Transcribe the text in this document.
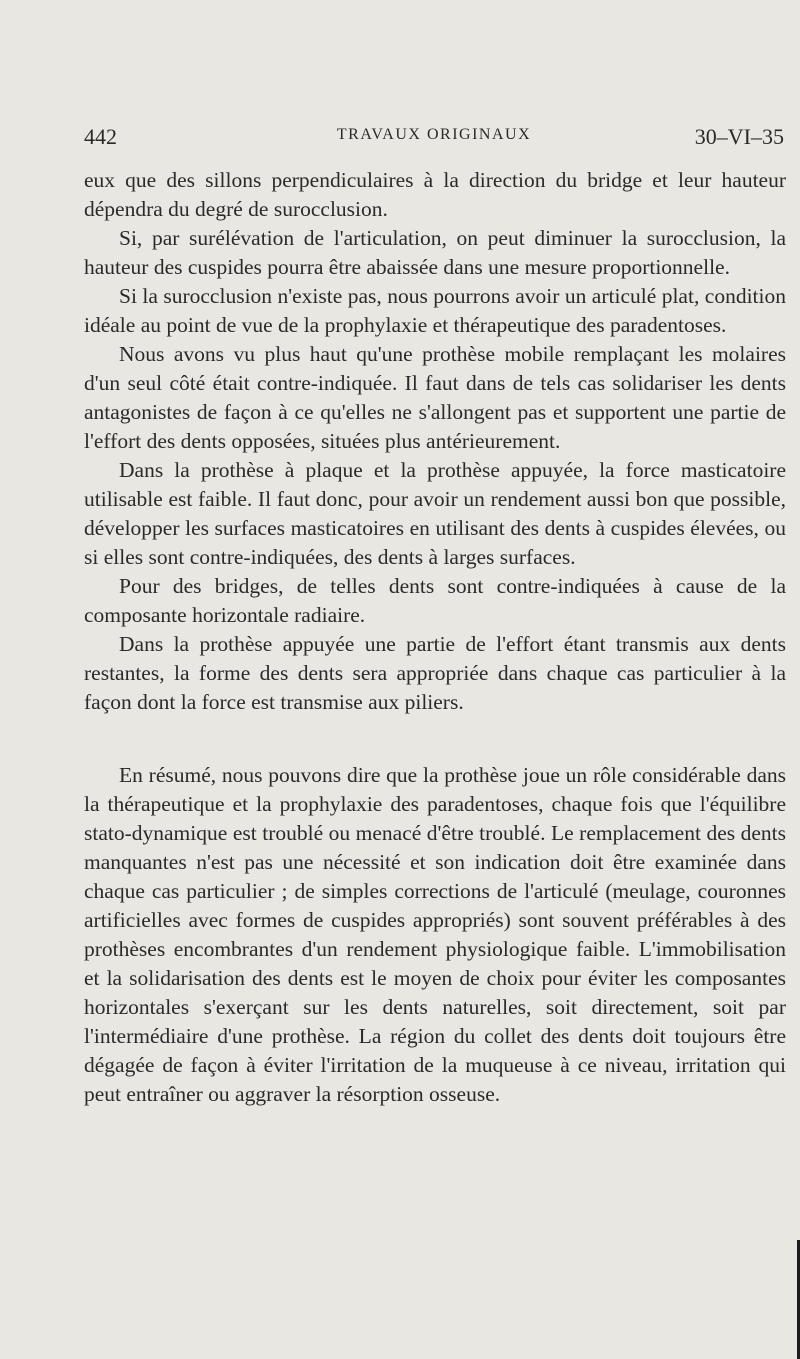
442	TRAVAUX ORIGINAUX	30–VI–35

eux que des sillons perpendiculaires à la direction du bridge et leur hauteur dépendra du degré de surocclusion.

Si, par surélévation de l'articulation, on peut diminuer la surocclusion, la hauteur des cuspides pourra être abaissée dans une mesure proportionnelle.

Si la surocclusion n'existe pas, nous pourrons avoir un articulé plat, condition idéale au point de vue de la prophylaxie et thérapeutique des paradentoses.

Nous avons vu plus haut qu'une prothèse mobile remplaçant les molaires d'un seul côté était contre-indiquée. Il faut dans de tels cas solidariser les dents antagonistes de façon à ce qu'elles ne s'allongent pas et supportent une partie de l'effort des dents opposées, situées plus antérieurement.

Dans la prothèse à plaque et la prothèse appuyée, la force masticatoire utilisable est faible. Il faut donc, pour avoir un rendement aussi bon que possible, développer les surfaces masticatoires en utilisant des dents à cuspides élevées, ou si elles sont contre-indiquées, des dents à larges surfaces.

Pour des bridges, de telles dents sont contre-indiquées à cause de la composante horizontale radiaire.

Dans la prothèse appuyée une partie de l'effort étant transmis aux dents restantes, la forme des dents sera appropriée dans chaque cas particulier à la façon dont la force est transmise aux piliers.

En résumé, nous pouvons dire que la prothèse joue un rôle considérable dans la thérapeutique et la prophylaxie des paradentoses, chaque fois que l'équilibre stato-dynamique est troublé ou menacé d'être troublé. Le remplacement des dents manquantes n'est pas une nécessité et son indication doit être examinée dans chaque cas particulier ; de simples corrections de l'articulé (meulage, couronnes artificielles avec formes de cuspides appropriés) sont souvent préférables à des prothèses encombrantes d'un rendement physiologique faible. L'immobilisation et la solidarisation des dents est le moyen de choix pour éviter les composantes horizontales s'exerçant sur les dents naturelles, soit directement, soit par l'intermédiaire d'une prothèse. La région du collet des dents doit toujours être dégagée de façon à éviter l'irritation de la muqueuse à ce niveau, irritation qui peut entraîner ou aggraver la résorption osseuse.
